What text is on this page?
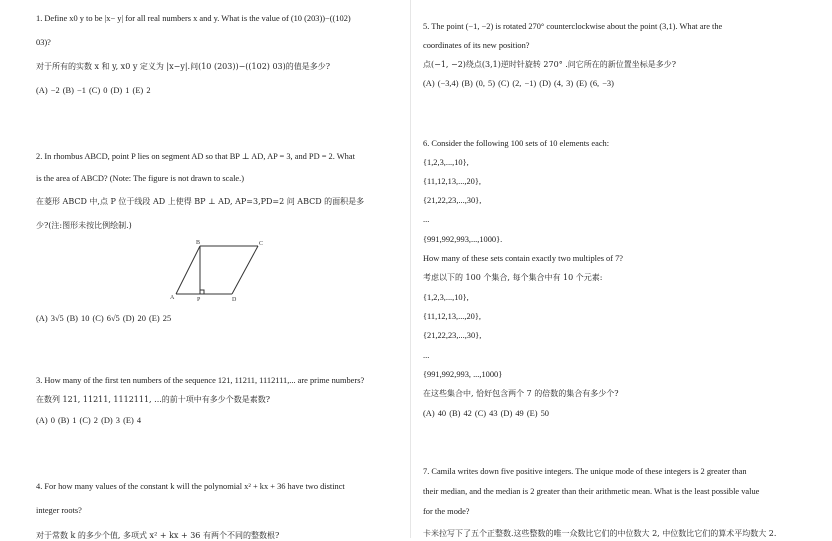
1. Define x0 y to be |x− y| for all real numbers x and y. What is the value of (10 (203))−((102)
03)?
对于所有的实数 x 和 y, x0 y 定义为 |x−y|.问(10 (203))−((102) 03)的值是多少?
(A) −2 (B) −1 (C) 0 (D) 1 (E) 2
2. In rhombus ABCD, point P lies on segment AD so that BP ⊥ AD, AP = 3, and PD = 2. What
is the area of ABCD? (Note: The figure is not drawn to scale.)
在菱形 ABCD 中,点 P 位于线段 AD 上使得 BP ⊥ AD, AP=3,PD=2 问 ABCD 的面积是多
少?(注:图形未按比例绘制.)
A
B	C
D
P
(A) 3√5 (B) 10 (C) 6√5 (D) 20 (E) 25
3. How many of the first ten numbers of the sequence 121, 11211, 1112111,... are prime numbers?
在数列 121, 11211, 1112111, ...的前十项中有多少个数是素数?
(A) 0 (B) 1 (C) 2 (D) 3 (E) 4
4. For how many values of the constant k will the polynomial x² + kx + 36 have two distinct
integer roots?
对于常数 k 的多少个值, 多项式 x² + kx + 36 有两个不同的整数根?
5. The point (−1, −2) is rotated 270° counterclockwise about the point (3,1). What are the
coordinates of its new position?
点(−1, −2)绕点(3,1)逆时针旋转 270° .问它所在的新位置坐标是多少?
(A) (−3,4) (B) (0, 5) (C) (2, −1) (D) (4, 3) (E) (6, −3)
6. Consider the following 100 sets of 10 elements each:
{1,2,3,...,10},
{11,12,13,...,20},
{21,22,23,...,30},
...
{991,992,993,...,1000}.
How many of these sets contain exactly two multiples of 7?
考虑以下的 100 个集合, 每个集合中有 10 个元素:
{1,2,3,...,10},
{11,12,13,...,20},
{21,22,23,...,30},
...
{991,992,993, ...,1000}
在这些集合中, 恰好包含两个 7 的倍数的集合有多少个?
(A) 40 (B) 42 (C) 43 (D) 49 (E) 50
7. Camila writes down five positive integers. The unique mode of these integers is 2 greater than
their median, and the median is 2 greater than their arithmetic mean. What is the least possible value
for the mode?
卡米拉写下了五个正整数.这些整数的唯一众数比它们的中位数大 2, 中位数比它们的算术平均数大 2.
